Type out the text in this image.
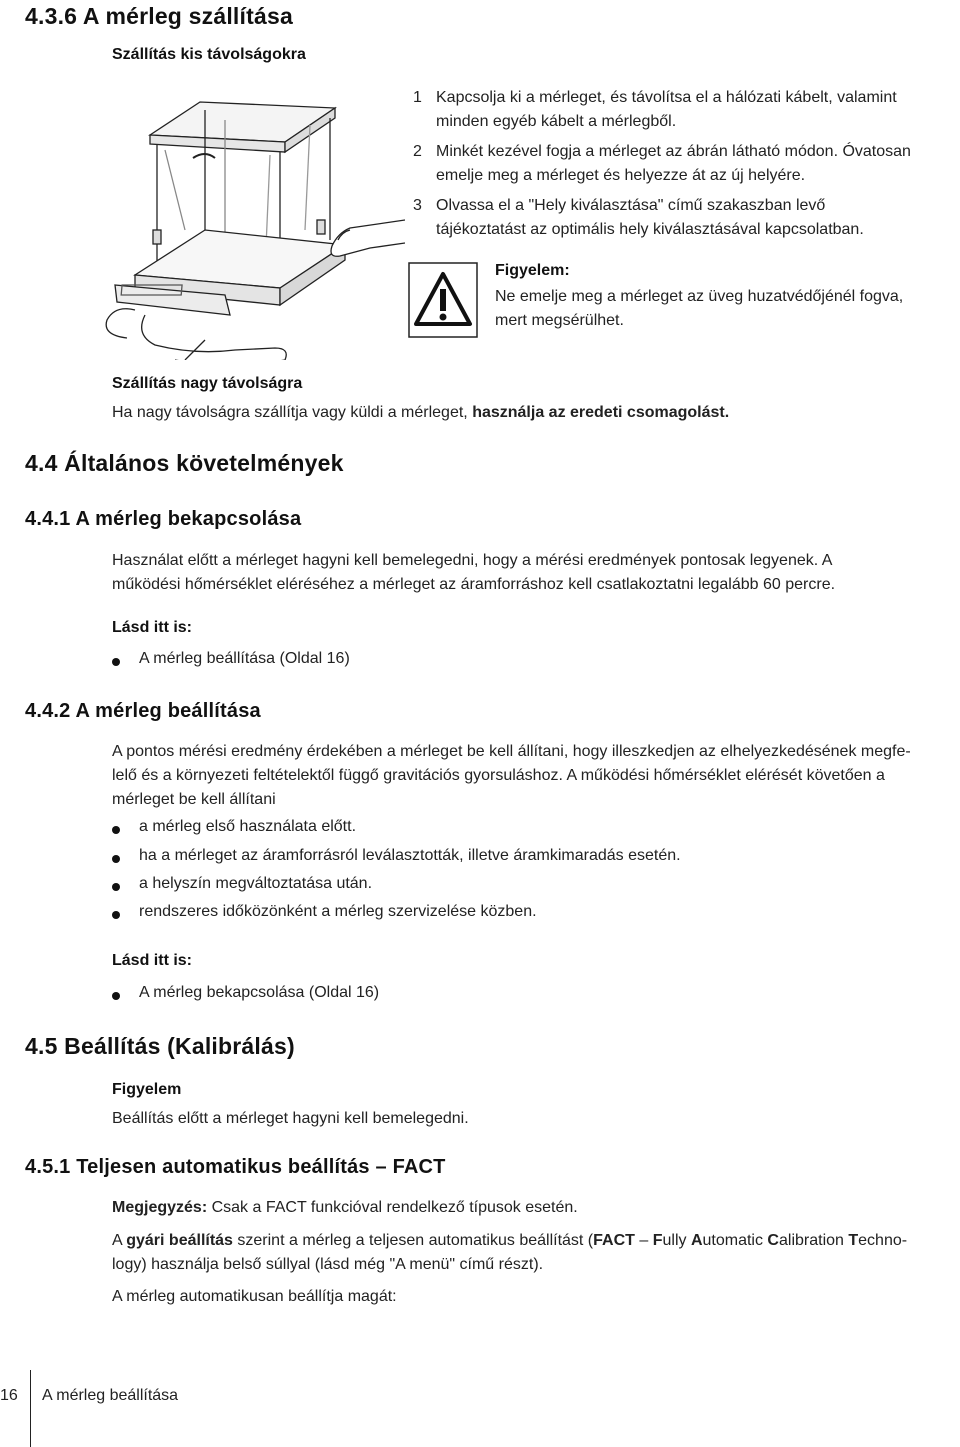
4.3.6 A mérleg szállítása
Szállítás kis távolságokra
1 Kapcsolja ki a mérleget, és távolítsa el a hálózati kábelt, valamint
minden egyéb kábelt a mérlegből.
2 Minkét kezével fogja a mérleget az ábrán látható módon. Óvatosan
emelje meg a mérleget és helyezze át az új helyére.
3 Olvassa el a "Hely kiválasztása" című szakaszban levő
tájékoztatást az optimális hely kiválasztásával kapcsolatban.
Figyelem:
Ne emelje meg a mérleget az üveg huzatvédőjénél fogva,
mert megsérülhet.
Szállítás nagy távolságra
Ha nagy távolságra szállítja vagy küldi a mérleget, használja az eredeti csomagolást.
4.4 Általános követelmények
4.4.1 A mérleg bekapcsolása
Használat előtt a mérleget hagyni kell bemelegedni, hogy a mérési eredmények pontosak legyenek. A
működési hőmérséklet eléréséhez a mérleget az áramforráshoz kell csatlakoztatni legalább 60 percre.
Lásd itt is:
A mérleg beállítása (Oldal 16)
4.4.2 A mérleg beállítása
A pontos mérési eredmény érdekében a mérleget be kell állítani, hogy illeszkedjen az elhelyezkedésének megfe-
lelő és a környezeti feltételektől függő gravitációs gyorsuláshoz. A működési hőmérséklet elérését követően a
mérleget be kell állítani
a mérleg első használata előtt.
ha a mérleget az áramforrásról leválasztották, illetve áramkimaradás esetén.
a helyszín megváltoztatása után.
rendszeres időközönként a mérleg szervizelése közben.
Lásd itt is:
A mérleg bekapcsolása (Oldal 16)
4.5 Beállítás (Kalibrálás)
Figyelem
Beállítás előtt a mérleget hagyni kell bemelegedni.
4.5.1 Teljesen automatikus beállítás – FACT
Megjegyzés: Csak a FACT funkcióval rendelkező típusok esetén.
A gyári beállítás szerint a mérleg a teljesen automatikus beállítást (FACT – Fully Automatic Calibration Techno-
logy) használja belső súllyal (lásd még "A menü" című részt).
A mérleg automatikusan beállítja magát:
16 A mérleg beállítása
